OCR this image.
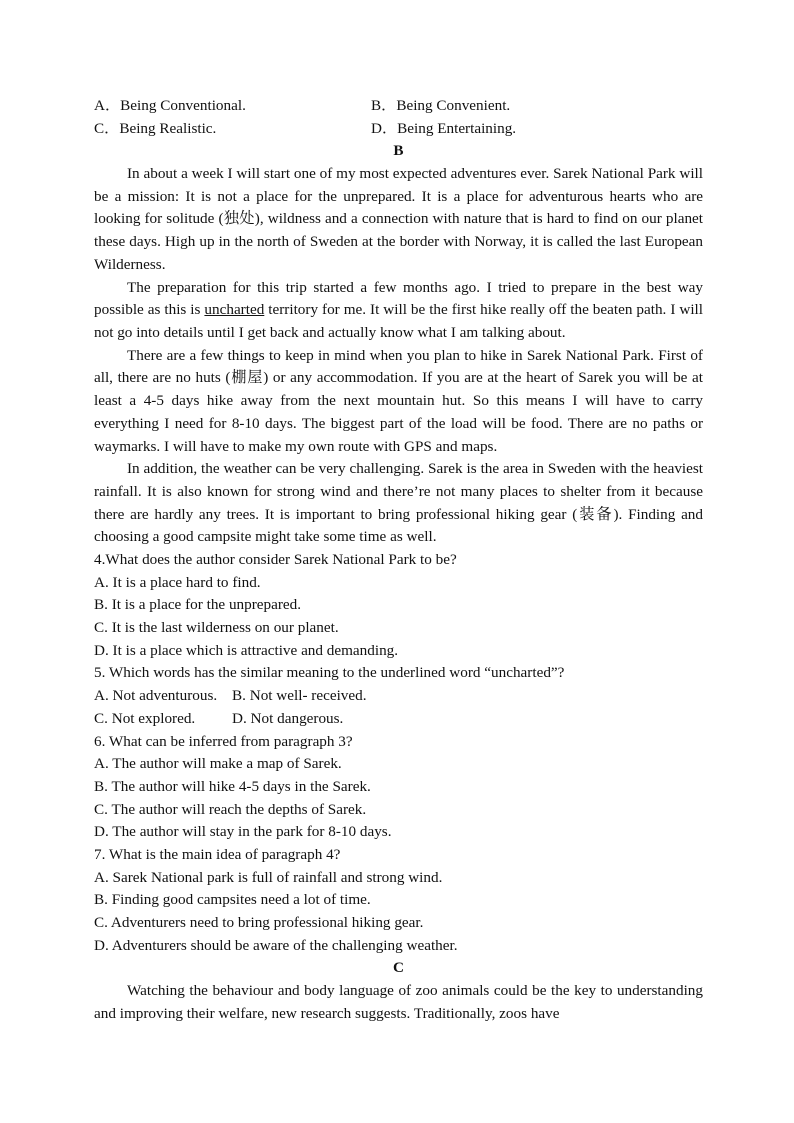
A．Being Conventional.	B．Being Convenient.
C．Being Realistic.	D．Being Entertaining.
B

In about a week I will start one of my most expected adventures ever. Sarek National Park will be a mission: It is not a place for the unprepared. It is a place for adventurous hearts who are looking for solitude (独处), wildness and a connection with nature that is hard to find on our planet these days. High up in the north of Sweden at the border with Norway, it is called the last European Wilderness.

The preparation for this trip started a few months ago. I tried to prepare in the best way possible as this is uncharted territory for me. It will be the first hike really off the beaten path. I will not go into details until I get back and actually know what I am talking about.

There are a few things to keep in mind when you plan to hike in Sarek National Park. First of all, there are no huts (棚屋) or any accommodation. If you are at the heart of Sarek you will be at least a 4-5 days hike away from the next mountain hut. So this means I will have to carry everything I need for 8-10 days. The biggest part of the load will be food. There are no paths or waymarks. I will have to make my own route with GPS and maps.

In addition, the weather can be very challenging. Sarek is the area in Sweden with the heaviest rainfall. It is also known for strong wind and there’re not many places to shelter from it because there are hardly any trees. It is important to bring professional hiking gear (装备). Finding and choosing a good campsite might take some time as well.

4.What does the author consider Sarek National Park to be?
A. It is a place hard to find.
B. It is a place for the unprepared.
C. It is the last wilderness on our planet.
D. It is a place which is attractive and demanding.
5. Which words has the similar meaning to the underlined word “uncharted”?
A. Not adventurous. B. Not well- received.
C. Not explored.	D. Not dangerous.
6. What can be inferred from paragraph 3?
A. The author will make a map of Sarek.
B. The author will hike 4-5 days in the Sarek.
C. The author will reach the depths of Sarek.
D. The author will stay in the park for 8-10 days.
7. What is the main idea of paragraph 4?
A. Sarek National park is full of rainfall and strong wind.
B. Finding good campsites need a lot of time.
C. Adventurers need to bring professional hiking gear.
D. Adventurers should be aware of the challenging weather.
C

Watching the behaviour and body language of zoo animals could be the key to understanding and improving their welfare, new research suggests. Traditionally, zoos have
